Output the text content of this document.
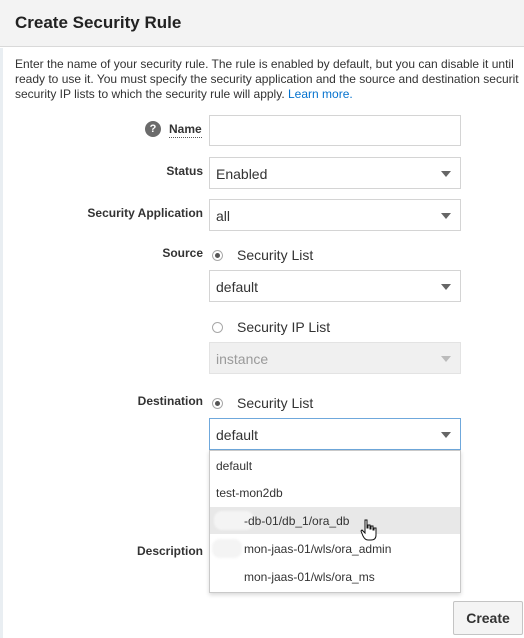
Create Security Rule
Enter the name of your security rule. The rule is enabled by default, but you can disable it until
ready to use it. You must specify the security application and the source and destination securit
security IP lists to which the security rule will apply. Learn more.
?	Name
Status Enabled
Security Application all
Source Security List
default
Security IP List
instance
Destination Security List
default
Description
default
test-mon2db
-db-01/db_1/ora_db
mon-jaas-01/wls/ora_admin
mon-jaas-01/wls/ora_ms
Create
